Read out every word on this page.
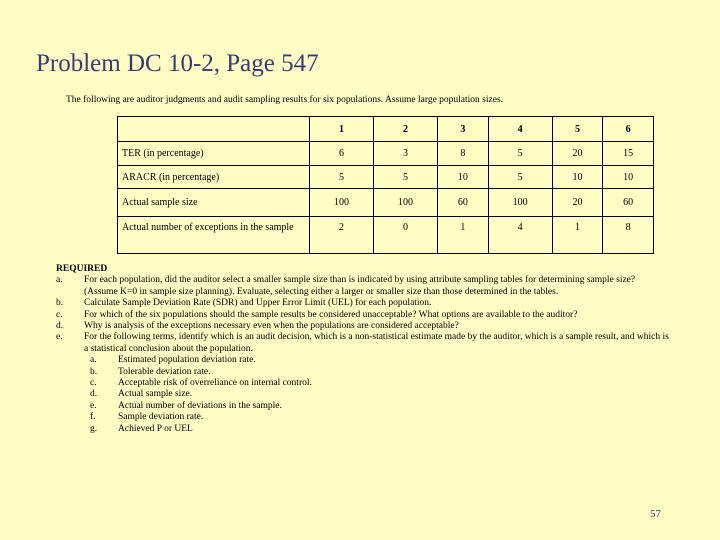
Problem DC 10-2, Page 547
The following are auditor judgments and audit sampling results for six populations. Assume large population sizes.
	1	2	3	4	5	6
TER (in percentage)	6	3	8	5	20	15
ARACR (in percentage)	5	5	10	5	10	10
Actual sample size	100	100	60	100	20	60
Actual number of exceptions in the sample	2	0	1	4	1	8
REQUIRED
a.	For each population, did the auditor select a smaller sample size than is indicated by using attribute sampling tables for determining sample size? (Assume K=0 in sample size planning). Evaluate, selecting either a larger or smaller size than those determined in the tables.
b.	Calculate Sample Deviation Rate (SDR) and Upper Error Limit (UEL) for each population.
c.	For which of the six populations should the sample results be considered unacceptable? What options are available to the auditor?
d.	Why is analysis of the exceptions necessary even when the populations are considered acceptable?
e.	For the following terms, identify which is an audit decision, which is a non-statistical estimate made by the auditor, which is a sample result, and which is a statistical conclusion about the population.
a.	Estimated population deviation rate.
b.	Tolerable deviation rate.
c.	Acceptable risk of overreliance on internal control.
d.	Actual sample size.
e.	Actual number of deviations in the sample.
f.	Sample deviation rate.
g.	Achieved P or UEL
57
